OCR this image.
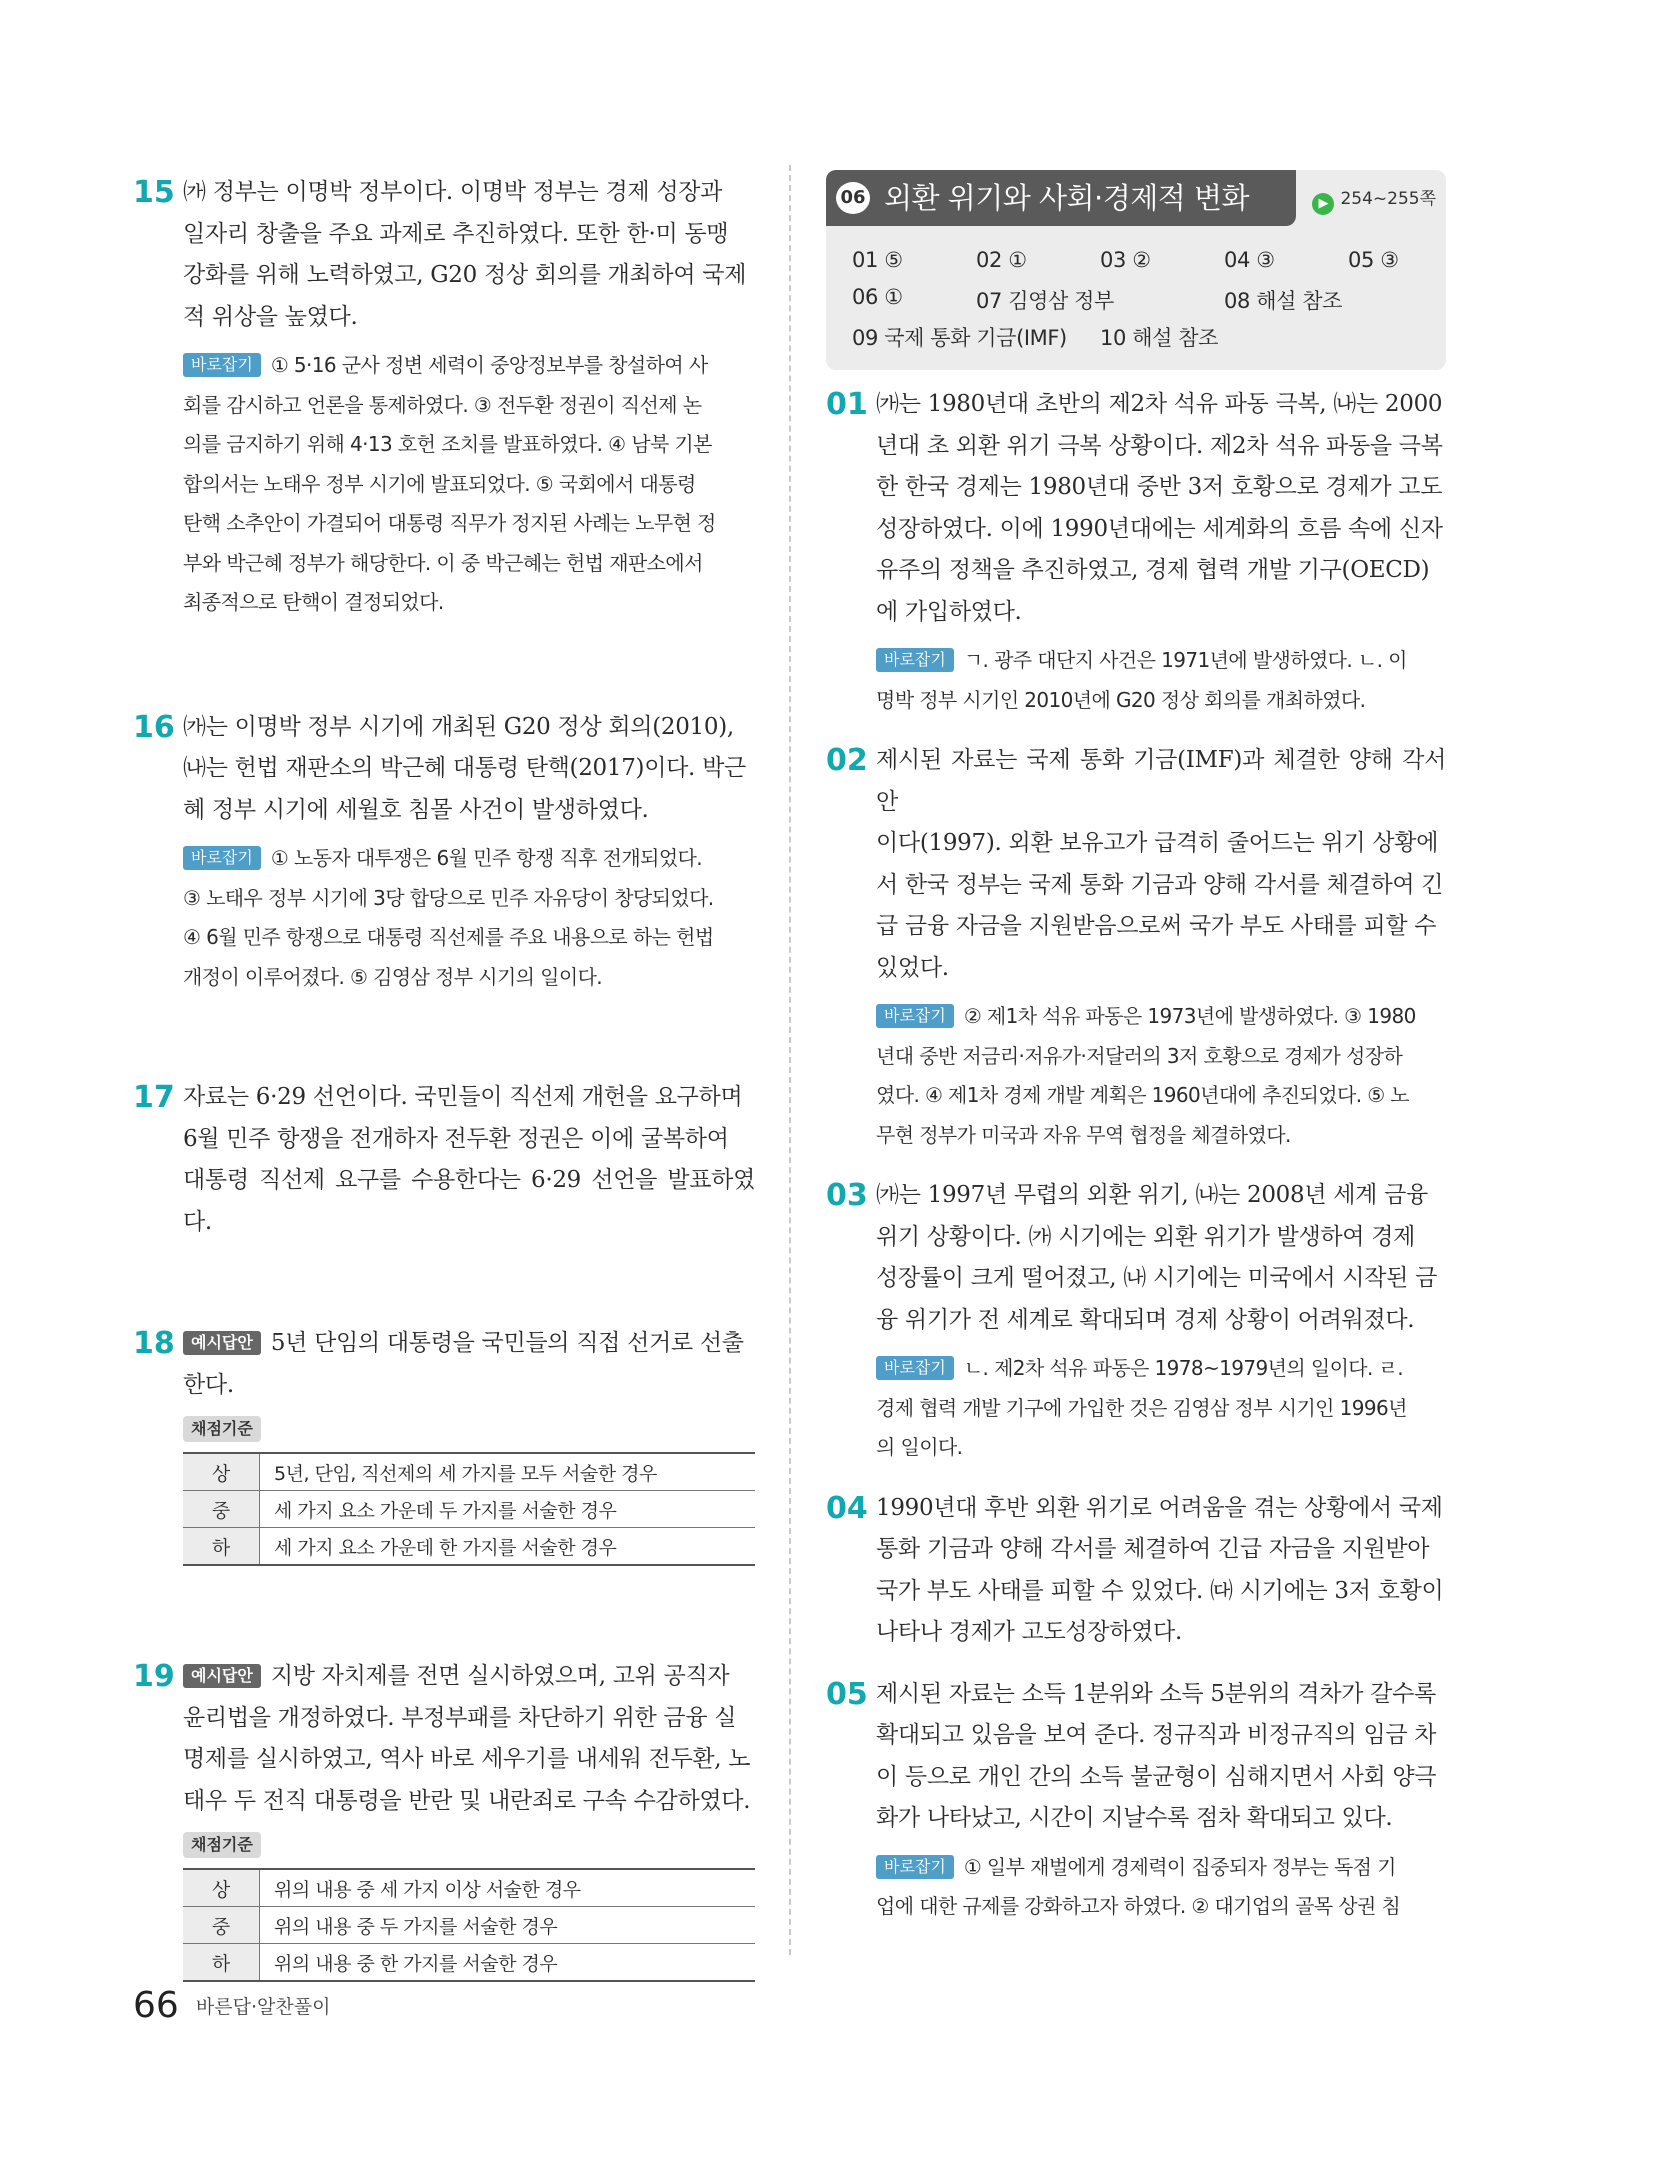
15 ㈎ 정부는 이명박 정부이다. 이명박 정부는 경제 성장과
일자리 창출을 주요 과제로 추진하였다. 또한 한·미 동맹
강화를 위해 노력하였고, G20 정상 회의를 개최하여 국제
적 위상을 높였다.
바로잡기 ① 5·16 군사 정변 세력이 중앙정보부를 창설하여 사
회를 감시하고 언론을 통제하였다. ③ 전두환 정권이 직선제 논
의를 금지하기 위해 4·13 호헌 조치를 발표하였다. ④ 남북 기본
합의서는 노태우 정부 시기에 발표되었다. ⑤ 국회에서 대통령
탄핵 소추안이 가결되어 대통령 직무가 정지된 사례는 노무현 정
부와 박근혜 정부가 해당한다. 이 중 박근혜는 헌법 재판소에서
최종적으로 탄핵이 결정되었다.
16 ㈎는 이명박 정부 시기에 개최된 G20 정상 회의(2010),
㈏는 헌법 재판소의 박근혜 대통령 탄핵(2017)이다. 박근
혜 정부 시기에 세월호 침몰 사건이 발생하였다.
바로잡기 ① 노동자 대투쟁은 6월 민주 항쟁 직후 전개되었다.
③ 노태우 정부 시기에 3당 합당으로 민주 자유당이 창당되었다.
④ 6월 민주 항쟁으로 대통령 직선제를 주요 내용으로 하는 헌법
개정이 이루어졌다. ⑤ 김영삼 정부 시기의 일이다.
17 자료는 6·29 선언이다. 국민들이 직선제 개헌을 요구하며
6월 민주 항쟁을 전개하자 전두환 정권은 이에 굴복하여
대통령 직선제 요구를 수용한다는 6·29 선언을 발표하였다.
18	예시답안 5년 단임의 대통령을 국민들의 직접 선거로 선출
한다.
채점기준
상	5년, 단임, 직선제의 세 가지를 모두 서술한 경우
중	세 가지 요소 가운데 두 가지를 서술한 경우
하	세 가지 요소 가운데 한 가지를 서술한 경우
19	예시답안 지방 자치제를 전면 실시하였으며, 고위 공직자
윤리법을 개정하였다. 부정부패를 차단하기 위한 금융 실
명제를 실시하였고, 역사 바로 세우기를 내세워 전두환, 노
태우 두 전직 대통령을 반란 및 내란죄로 구속 수감하였다.
채점기준
상	위의 내용 중 세 가지 이상 서술한 경우
중	위의 내용 중 두 가지를 서술한 경우
하	위의 내용 중 한 가지를 서술한 경우
06 외환 위기와 사회·경제적 변화	▶ 254~255쪽
01 ⑤	02 ①	03 ②	04 ③	05 ③
06 ①	07 김영삼 정부	08 해설 참조
09 국제 통화 기금(IMF) 10 해설 참조
01 ㈎는 1980년대 초반의 제2차 석유 파동 극복, ㈏는 2000
년대 초 외환 위기 극복 상황이다. 제2차 석유 파동을 극복
한 한국 경제는 1980년대 중반 3저 호황으로 경제가 고도
성장하였다. 이에 1990년대에는 세계화의 흐름 속에 신자
유주의 정책을 추진하였고, 경제 협력 개발 기구(OECD)
에 가입하였다.
바로잡기 ㄱ. 광주 대단지 사건은 1971년에 발생하였다. ㄴ. 이
명박 정부 시기인 2010년에 G20 정상 회의를 개최하였다.
02 제시된 자료는 국제 통화 기금(IMF)과 체결한 양해 각서안
이다(1997). 외환 보유고가 급격히 줄어드는 위기 상황에
서 한국 정부는 국제 통화 기금과 양해 각서를 체결하여 긴
급 금융 자금을 지원받음으로써 국가 부도 사태를 피할 수
있었다.
바로잡기 ② 제1차 석유 파동은 1973년에 발생하였다. ③ 1980
년대 중반 저금리·저유가·저달러의 3저 호황으로 경제가 성장하
였다. ④ 제1차 경제 개발 계획은 1960년대에 추진되었다. ⑤ 노
무현 정부가 미국과 자유 무역 협정을 체결하였다.
03 ㈎는 1997년 무렵의 외환 위기, ㈏는 2008년 세계 금융
위기 상황이다. ㈎ 시기에는 외환 위기가 발생하여 경제
성장률이 크게 떨어졌고, ㈏ 시기에는 미국에서 시작된 금
융 위기가 전 세계로 확대되며 경제 상황이 어려워졌다.
바로잡기 ㄴ. 제2차 석유 파동은 1978~1979년의 일이다. ㄹ.
경제 협력 개발 기구에 가입한 것은 김영삼 정부 시기인 1996년
의 일이다.
04 1990년대 후반 외환 위기로 어려움을 겪는 상황에서 국제
통화 기금과 양해 각서를 체결하여 긴급 자금을 지원받아
국가 부도 사태를 피할 수 있었다. ㈐ 시기에는 3저 호황이
나타나 경제가 고도성장하였다.
05 제시된 자료는 소득 1분위와 소득 5분위의 격차가 갈수록
확대되고 있음을 보여 준다. 정규직과 비정규직의 임금 차
이 등으로 개인 간의 소득 불균형이 심해지면서 사회 양극
화가 나타났고, 시간이 지날수록 점차 확대되고 있다.
바로잡기 ① 일부 재벌에게 경제력이 집중되자 정부는 독점 기
업에 대한 규제를 강화하고자 하였다. ② 대기업의 골목 상권 침
66 바른답·알찬풀이
